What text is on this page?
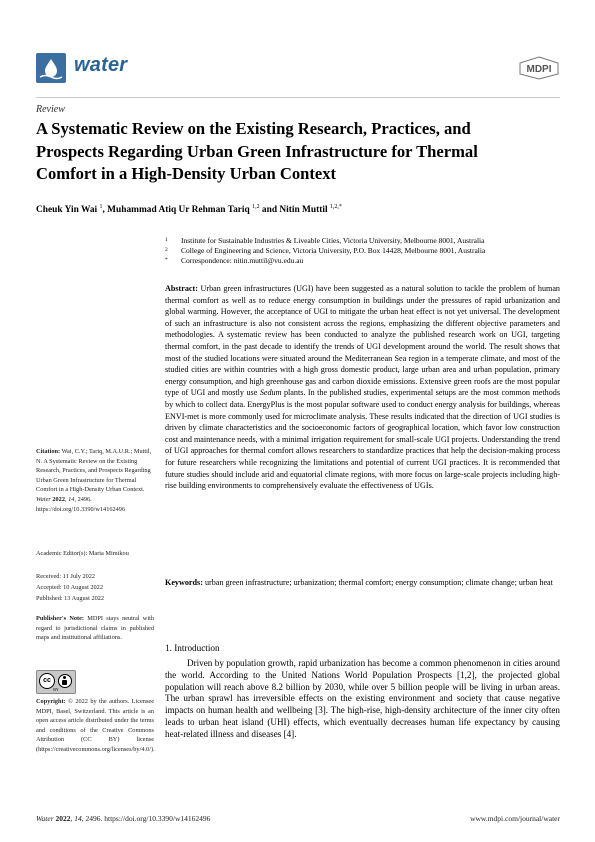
water	MDPI
Review
A Systematic Review on the Existing Research, Practices, and
Prospects Regarding Urban Green Infrastructure for Thermal
Comfort in a High-Density Urban Context
Cheuk Yin Wai $^1$, Muhammad Atiq Ur Rehman Tariq $^{1,2}$ and Nitin Muttil $^{1,2,*}$
1 Institute for Sustainable Industries & Liveable Cities, Victoria University, Melbourne 8001, Australia
2 College of Engineering and Science, Victoria University, P.O. Box 14428, Melbourne 8001, Australia
* Correspondence: nitin.muttil@vu.edu.au
Abstract: Urban green infrastructures (UGI) have been suggested as a natural solution to tackle the problem of human thermal comfort as well as to reduce energy consumption in buildings under the pressures of rapid urbanization and global warming. However, the acceptance of UGI to mitigate the urban heat effect is not yet universal. The development of such an infrastructure is also not consistent across the regions, emphasizing the different objective parameters and methodologies. A systematic review has been conducted to analyze the published research work on UGI, targeting thermal comfort, in the past decade to identify the trends of UGI development around the world. The result shows that most of the studied locations were situated around the Mediterranean Sea region in a temperate climate, and most of the studied cities are within countries with a high gross domestic product, large urban area and urban population, primary energy consumption, and high greenhouse gas and carbon dioxide emissions. Extensive green roofs are the most popular type of UGI and mostly use Sedum plants. In the published studies, experimental setups are the most common methods by which to collect data. EnergyPlus is the most popular software used to conduct energy analysis for buildings, whereas ENVI-met is more commonly used for microclimate analysis. These results indicated that the direction of UGI studies is driven by climate characteristics and the socioeconomic factors of geographical location, which favor low construction cost and maintenance needs, with a minimal irrigation requirement for small-scale UGI projects. Understanding the trend of UGI approaches for thermal comfort allows researchers to standardize practices that help the decision-making process for future researchers while recognizing the limitations and potential of current UGI practices. It is recommended that future studies should include arid and equatorial climate regions, with more focus on large-scale projects including high-rise building environments to comprehensively evaluate the effectiveness of UGIs.
Keywords: urban green infrastructure; urbanization; thermal comfort; energy consumption; climate change; urban heat
Citation: Wai, C.Y.; Tariq, M.A.U.R.; Muttil, N. A Systematic Review on the Existing Research, Practices, and Prospects Regarding Urban Green Infrastructure for Thermal Comfort in a High-Density Urban Context. Water 2022, 14, 2496. https://doi.org/10.3390/w14162496
Academic Editor(s): Maria Mimikou
Received: 11 July 2022
Accepted: 10 August 2022
Published: 13 August 2022
Publisher's Note: MDPI stays neutral with regard to jurisdictional claims in published maps and institutional affiliations.
cc
BY
Copyright: © 2022 by the authors. Licensee MDPI, Basel, Switzerland. This article is an open access article distributed under the terms and conditions of the Creative Commons Attribution (CC BY) license (https://creativecommons.org/licenses/by/4.0/).
1. Introduction
Driven by population growth, rapid urbanization has become a common phenomenon in cities around the world. According to the United Nations World Population Prospects [1,2], the projected global population will reach above 8.2 billion by 2030, while over 5 billion people will be living in urban areas. The urban sprawl has irreversible effects on the existing environment and society that cause negative impacts on human health and wellbeing [3]. The high-rise, high-density architecture of the inner city often leads to urban heat island (UHI) effects, which eventually decreases human life expectancy by causing heat-related illness and diseases [4].
Water 2022, 14, 2496. https://doi.org/10.3390/w14162496	www.mdpi.com/journal/water
